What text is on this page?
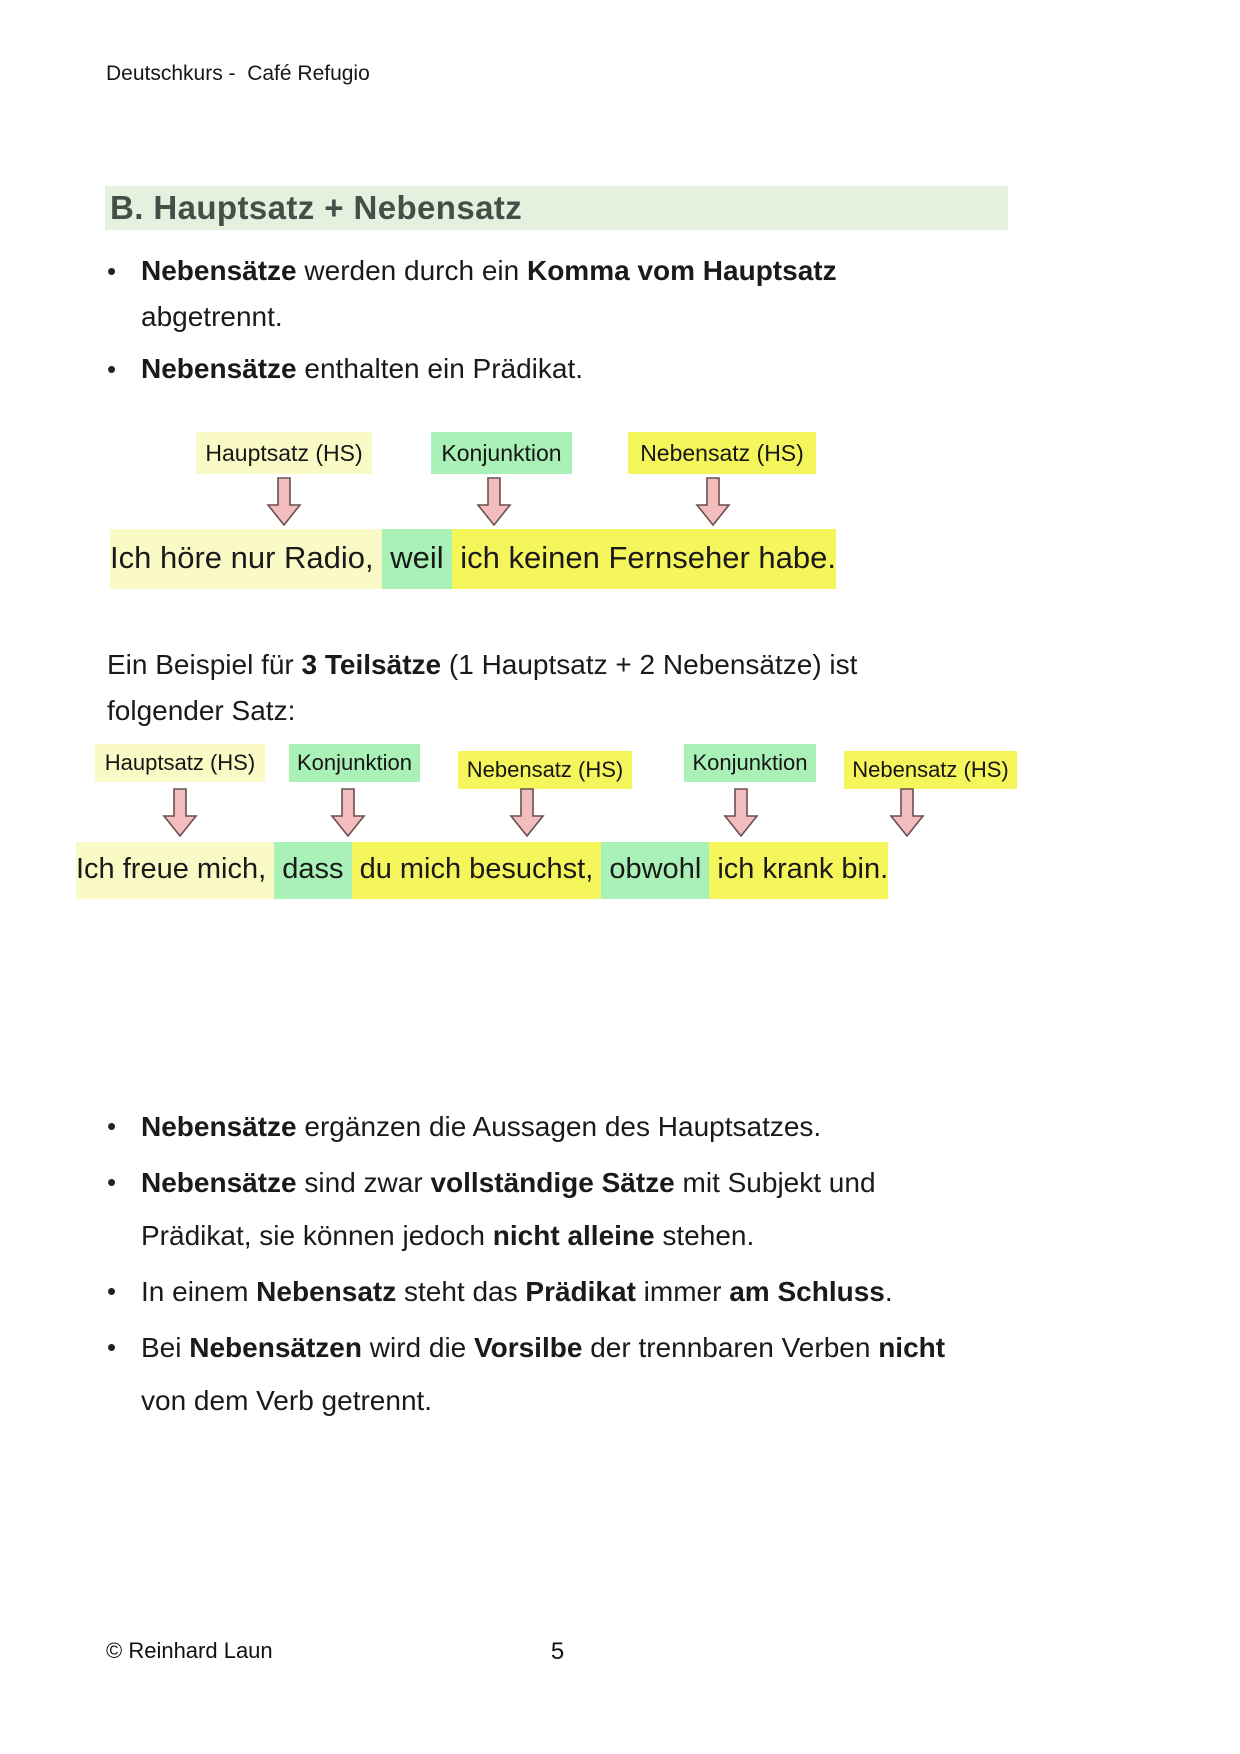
Deutschkurs -  Café Refugio
B. Hauptsatz + Nebensatz
• Nebensätze werden durch ein Komma vom Hauptsatz
abgetrennt.
• Nebensätze enthalten ein Prädikat.
Hauptsatz (HS)	Konjunktion	Nebensatz (HS)
Ich höre nur Radio, weil ich keinen Fernseher habe.
Ein Beispiel für 3 Teilsätze (1 Hauptsatz + 2 Nebensätze) ist
folgender Satz:
Hauptsatz (HS)	Konjunktion	Nebensatz (HS)	Konjunktion	Nebensatz (HS)
Ich freue mich, dass du mich besuchst, obwohl ich krank bin.
• Nebensätze ergänzen die Aussagen des Hauptsatzes.
• Nebensätze sind zwar vollständige Sätze mit Subjekt und
Prädikat, sie können jedoch nicht alleine stehen.
• In einem Nebensatz steht das Prädikat immer am Schluss.
• Bei Nebensätzen wird die Vorsilbe der trennbaren Verben nicht
von dem Verb getrennt.
© Reinhard Laun	5
